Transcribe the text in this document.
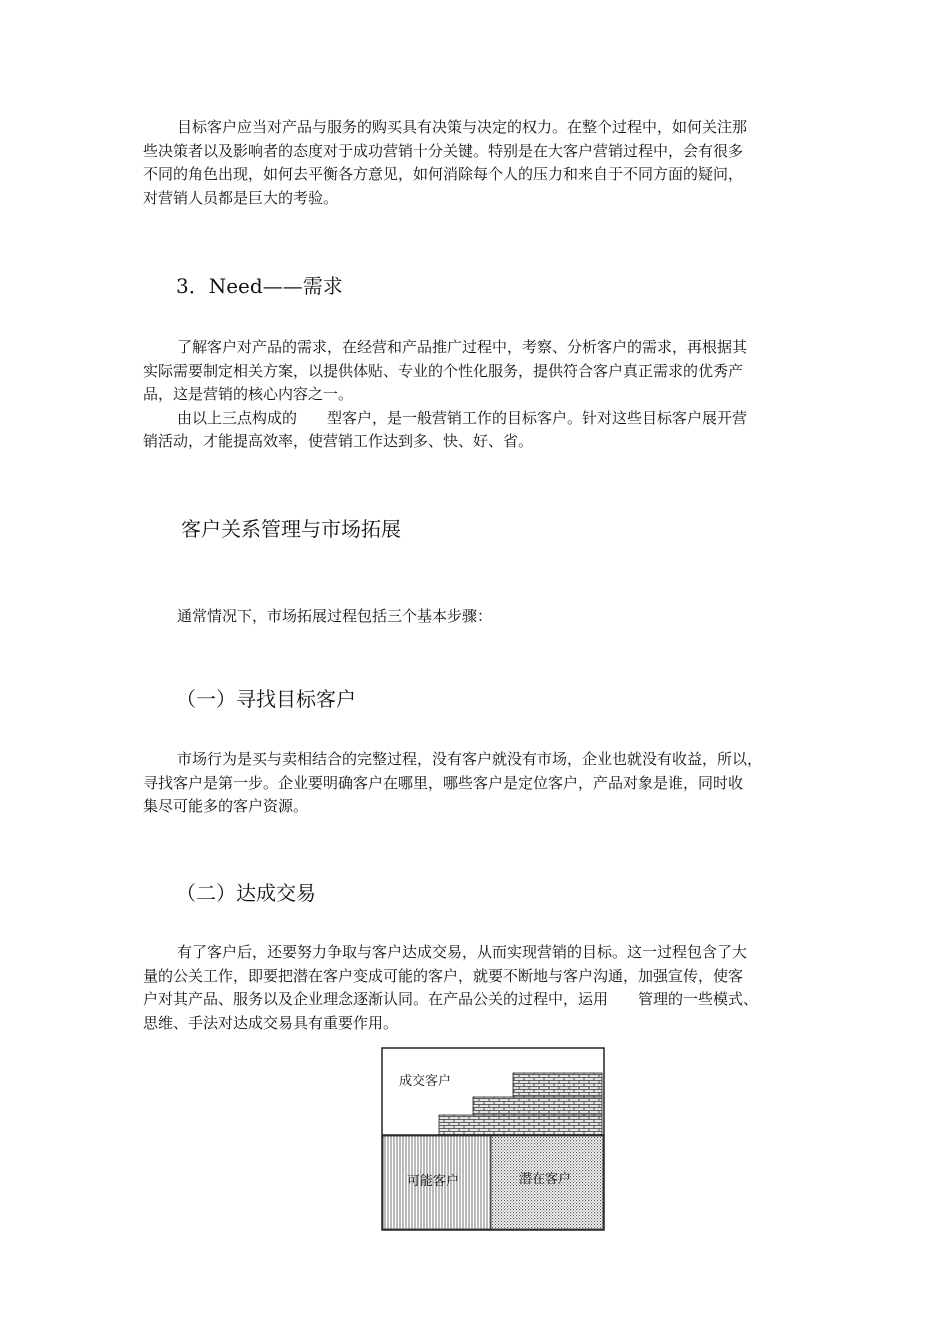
目标客户应当对产品与服务的购买具有决策与决定的权力。在整个过程中，如何关注那
些决策者以及影响者的态度对于成功营销十分关键。特别是在大客户营销过程中，会有很多
不同的角色出现，如何去平衡各方意见，如何消除每个人的压力和来自于不同方面的疑问，
对营销人员都是巨大的考验。
3．Need——需求
了解客户对产品的需求，在经营和产品推广过程中，考察、分析客户的需求，再根据其
实际需要制定相关方案，以提供体贴、专业的个性化服务，提供符合客户真正需求的优秀产
品，这是营销的核心内容之一。
由以上三点构成的　　型客户，是一般营销工作的目标客户。针对这些目标客户展开营
销活动，才能提高效率，使营销工作达到多、快、好、省。
客户关系管理与市场拓展
通常情况下，市场拓展过程包括三个基本步骤：
（一）寻找目标客户
市场行为是买与卖相结合的完整过程，没有客户就没有市场，企业也就没有收益，所以，
寻找客户是第一步。企业要明确客户在哪里，哪些客户是定位客户，产品对象是谁，同时收
集尽可能多的客户资源。
（二）达成交易
有了客户后，还要努力争取与客户达成交易，从而实现营销的目标。这一过程包含了大
量的公关工作，即要把潜在客户变成可能的客户，就要不断地与客户沟通，加强宣传，使客
户对其产品、服务以及企业理念逐渐认同。在产品公关的过程中，运用　　管理的一些模式、
思维、手法对达成交易具有重要作用。
成交客户
可能客户	潜在客户
